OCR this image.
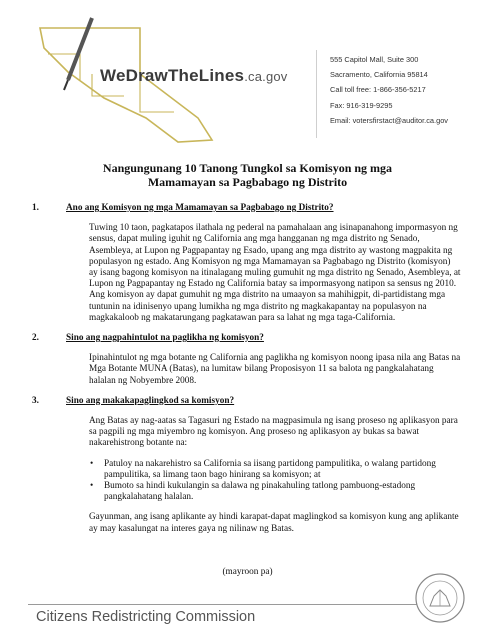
WeDrawTheLines.ca.gov
555 Capitol Mall, Suite 300
Sacramento, California 95814
Call toll free: 1-866-356-5217
Fax: 916-319-9295
Email: votersfirstact@auditor.ca.gov
Nangungunang 10 Tanong Tungkol sa Komisyon ng mga
Mamamayan sa Pagbabago ng Distrito
1.	Ano ang Komisyon ng mga Mamamayan sa Pagbabago ng Distrito?
Tuwing 10 taon, pagkatapos ilathala ng pederal na pamahalaan ang isinapanahong impormasyon ng sensus, dapat muling iguhit ng California ang mga hangganan ng mga distrito ng Senado, Asembleya, at Lupon ng Pagpapantay ng Esado, upang ang mga distrito ay wastong magpakita ng populasyon ng estado. Ang Komisyon ng mga Mamamayan sa Pagbabago ng Distrito (komisyon) ay isang bagong komisyon na itinalagang muling gumuhit ng mga distrito ng Senado, Asembleya, at Lupon ng Pagpapantay ng Estado ng California batay sa impormasyong natipon sa sensus ng 2010. Ang komisyon ay dapat gumuhit ng mga distrito na umaayon sa mahihigpit, di-partidistang mga tuntunin na idinisenyo upang lumikha ng mga distrito ng magkakapantay na populasyon na magkakaloob ng makatarungang pagkatawan para sa lahat ng mga taga-California.
2.	Sino ang nagpahintulot na paglikha ng komisyon?
Ipinahintulot ng mga botante ng California ang paglikha ng komisyon noong ipasa nila ang Batas na Mga Botante MUNA (Batas), na lumitaw bilang Proposisyon 11 sa balota ng pangkalahatang halalan ng Nobyembre 2008.
3.	Sino ang makakapaglingkod sa komisyon?
Ang Batas ay nag-aatas sa Tagasuri ng Estado na magpasimula ng isang proseso ng aplikasyon para sa pagpili ng mga miyembro ng komisyon. Ang proseso ng aplikasyon ay bukas sa bawat nakarehistrong botante na:
• Patuloy na nakarehistro sa California sa iisang partidong pampulitika, o walang partidong pampulitika, sa limang taon bago hinirang sa komisyon; at
• Bumoto sa hindi kukulangin sa dalawa ng pinakahuling tatlong pambuong-estadong pangkalahatang halalan.
Gayunman, ang isang aplikante ay hindi karapat-dapat maglingkod sa komisyon kung ang aplikante ay may kasalungat na interes gaya ng nilinaw ng Batas.
(mayroon pa)
Citizens Redistricting Commission
